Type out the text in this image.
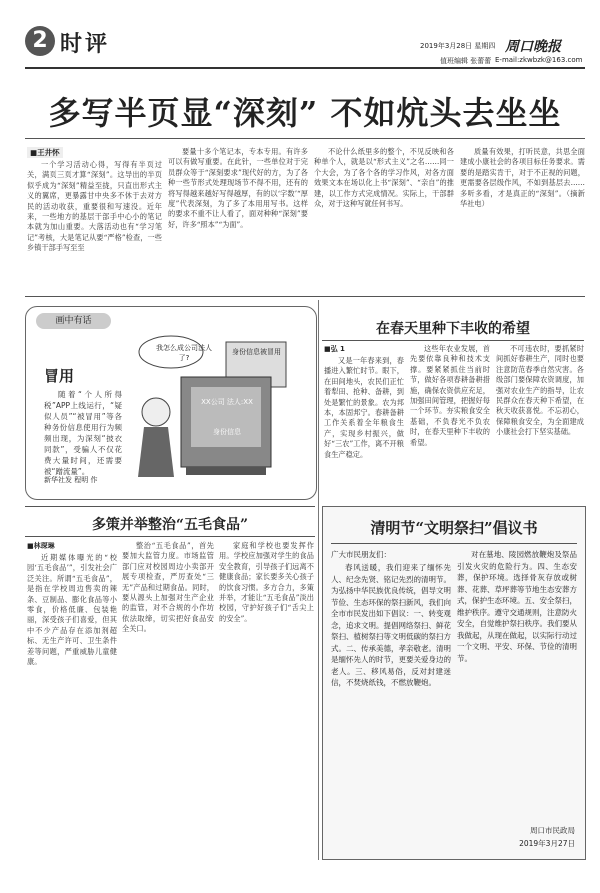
2 时评	2019年3月28日 星期四 周口晚报
值班编辑 张蕾蕾 E-mail:zkwbzk@163.com
多写半页显“深刻” 不如炕头去坐坐
■王井怀

一个学习活动心得，写得有半页过关，满页三页才算“深刻”。这导出的半页似乎成为“深刻”精益至拢，只直出形式主义的翼席，更暴露甘中央多不休于去对方民的活动收获，重要很和写速没。近年来，一些地方的基层干部手中心小的笔记本就为加山重要。大落活动也有“学习笔记”考核，大是笔记从要“严格”检查，一些乡镇干部手写至至

要量十多个笔记本，专本专用。有许多可以有做写重要。在此针，一些单位对于完员群众等于“深刻要求”现代好的方，为了各种一些节形式处理现场节不得不用，还有的将写得越来越好写得越厚，有的以‘字数’“厚度”代表深刻，为了多了本用用写书。这样的要求不重不让人看了，面对种种“深刻”要好，许多“照本”“为面”。

不论什么纸里多的整个，不见反映和各种单个人，就是以“形式主义”之名……同一个大会，为了各个各的学习作风，对各方面效果文本在场以化上书“深刻”、“亲自”的推建，以工作方式完成情况。实际上，干部群众，对于这种写就任何书写。

质量有效果，打听民意，共思全面建成小康社会的各项目标任务要求。需要的是踏实肯干，对于不正视的问题，更需要各层级作风，不如到基层去……多听多看，才是真正的“深刻”。（摘新华社电）

画中有话
冒用

随着“个人所得税”APP上线运行，“疑似人员”“被冒用”等各种务份信息使用行为频频出现，为深刻“披衣同款”，受骗人不仅花费大量时间，还需要被“蹭流量”。

新华社发 程明 作
我怎么成公司法人了?
身份信息被冒用
XX公司 法人:XX
身份信息
在春天里种下丰收的希望
■弘 1

又是一年春来到，春播进入繁忙时节。眼下，在田间地头，农民们正忙着犁田、抢种、备耕，到处是繁忙的景象。农为邦本，本固邦宁。春耕备耕工作关系着全年粮食生产，实现乡村振兴，做好“三农”工作，离不开粮食生产稳定。

这些年农业发展，首先要依靠良种和技术支撑。要紧紧抓住当前时节，做好各项春耕备耕措施，确保农资供应充足，加强田间管理，把握好每一个环节。夯实粮食安全基础，不负春光不负农时，在春天里种下丰收的希望。

不可违农时，要抓紧时间抓好春耕生产，同时也要注意防范春季自然灾害。各级部门要保障农资调度，加强对农业生产的指导，让农民群众在春天种下希望，在秋天收获喜悦。不忘初心，保障粮食安全，为全面建成小康社会打下坚实基础。

多策并举整治“五毛食品”
■林琛琳

近期媒体曝光的“校园‘五毛食品’”，引发社会广泛关注。所谓“五毛食品”，是指在学校周边售卖的辣条、豆制品、膨化食品等小零食，价格低廉、包装艳丽，深受孩子们喜爱，但其中不少产品存在添加剂超标、无生产许可、卫生条件差等问题，严重威胁儿童健康。

整治“五毛食品”，首先要加大监管力度。市场监管部门应对校园周边小卖部开展专项检查，严厉查处“三无”产品和过期食品。同时，要从源头上加强对生产企业的监管，对不合规的小作坊依法取缔，切实把好食品安全关口。

家庭和学校也要发挥作用。学校应加强对学生的食品安全教育，引导孩子们远离不健康食品；家长要多关心孩子的饮食习惯。多方合力，多策并举，才能让“五毛食品”淡出校园，守护好孩子们“舌尖上的安全”。

清明节“文明祭扫”倡议书
广大市民朋友们：

春风送暖，我们迎来了缅怀先人、纪念先贤、铭记先烈的清明节。为弘扬中华民族优良传统，倡导文明节俭、生态环保的祭扫新风，我们向全市市民发出如下倡议：一、转变观念，追求文明。提倡网络祭扫、鲜花祭扫、植树祭扫等文明低碳的祭扫方式。二、传承美德，孝亲敬老。清明是缅怀先人的时节，更要关爱身边的老人。三、移风易俗，反对封建迷信，不焚烧纸钱，不燃放鞭炮。

对在墓地、陵园燃放鞭炮及祭品引发火灾的危险行为。四、生态安葬，保护环境。选择骨灰存放或树葬、花葬、草坪葬等节地生态安葬方式，保护生态环境。五、安全祭扫，维护秩序。遵守交通规则，注意防火安全，自觉维护祭扫秩序。我们要从我做起，从现在做起，以实际行动过一个文明、平安、环保、节俭的清明节。

周口市民政局
2019年3月27日
